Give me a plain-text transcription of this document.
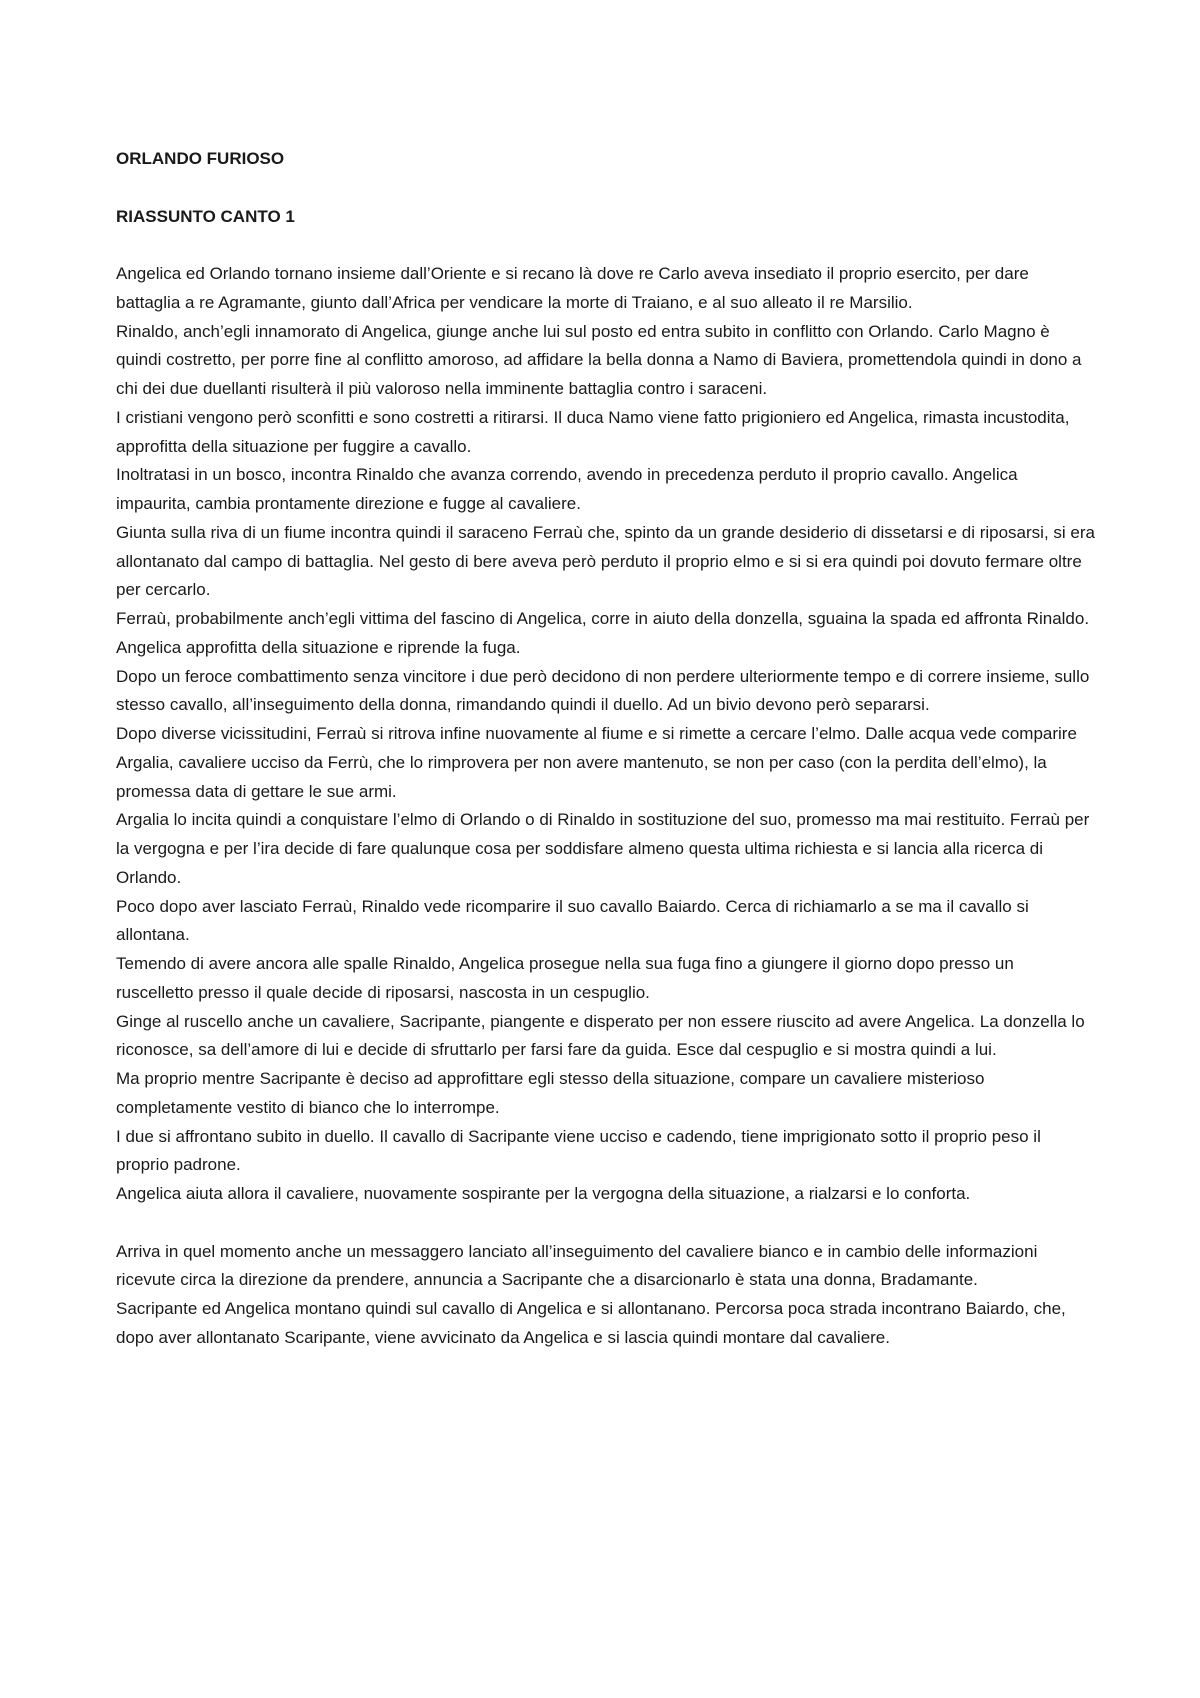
ORLANDO FURIOSO
RIASSUNTO CANTO 1

Angelica ed Orlando tornano insieme dall’Oriente e si recano là dove re Carlo aveva insediato il proprio esercito, per dare battaglia a re Agramante, giunto dall’Africa per vendicare la morte di Traiano, e al suo alleato il re Marsilio.

Rinaldo, anch’egli innamorato di Angelica, giunge anche lui sul posto ed entra subito in conflitto con Orlando. Carlo Magno è quindi costretto, per porre fine al conflitto amoroso, ad affidare la bella donna a Namo di Baviera, promettendola quindi in dono a chi dei due duellanti risulterà il più valoroso nella imminente battaglia contro i saraceni.

I cristiani vengono però sconfitti e sono costretti a ritirarsi. Il duca Namo viene fatto prigioniero ed Angelica, rimasta incustodita, approfitta della situazione per fuggire a cavallo.

Inoltratasi in un bosco, incontra Rinaldo che avanza correndo, avendo in precedenza perduto il proprio cavallo. Angelica impaurita, cambia prontamente direzione e fugge al cavaliere.

Giunta sulla riva di un fiume incontra quindi il saraceno Ferraù che, spinto da un grande desiderio di dissetarsi e di riposarsi, si era allontanato dal campo di battaglia. Nel gesto di bere aveva però perduto il proprio elmo e si si era quindi poi dovuto fermare oltre per cercarlo.

Ferraù, probabilmente anch’egli vittima del fascino di Angelica, corre in aiuto della donzella, sguaina la spada ed affronta Rinaldo. Angelica approfitta della situazione e riprende la fuga.

Dopo un feroce combattimento senza vincitore i due però decidono di non perdere ulteriormente tempo e di correre insieme, sullo stesso cavallo, all’inseguimento della donna, rimandando quindi il duello. Ad un bivio devono però separarsi.

Dopo diverse vicissitudini, Ferraù si ritrova infine nuovamente al fiume e si rimette a cercare l’elmo. Dalle acqua vede comparire Argalia, cavaliere ucciso da Ferrù, che lo rimprovera per non avere mantenuto, se non per caso (con la perdita dell’elmo), la promessa data di gettare le sue armi.

Argalia lo incita quindi a conquistare l’elmo di Orlando o di Rinaldo in sostituzione del suo, promesso ma mai restituito. Ferraù per la vergogna e per l’ira decide di fare qualunque cosa per soddisfare almeno questa ultima richiesta e si lancia alla ricerca di Orlando.

Poco dopo aver lasciato Ferraù, Rinaldo vede ricomparire il suo cavallo Baiardo. Cerca di richiamarlo a se ma il cavallo si allontana.

Temendo di avere ancora alle spalle Rinaldo, Angelica prosegue nella sua fuga fino a giungere il giorno dopo presso un ruscelletto presso il quale decide di riposarsi, nascosta in un cespuglio.

Ginge al ruscello anche un cavaliere, Sacripante, piangente e disperato per non essere riuscito ad avere Angelica. La donzella lo riconosce, sa dell’amore di lui e decide di sfruttarlo per farsi fare da guida. Esce dal cespuglio e si mostra quindi a lui.

Ma proprio mentre Sacripante è deciso ad approfittare egli stesso della situazione, compare un cavaliere misterioso completamente vestito di bianco che lo interrompe.

I due si affrontano subito in duello. Il cavallo di Sacripante viene ucciso e cadendo, tiene imprigionato sotto il proprio peso il proprio padrone.

Angelica aiuta allora il cavaliere, nuovamente sospirante per la vergogna della situazione, a rialzarsi e lo conforta.

Arriva in quel momento anche un messaggero lanciato all’inseguimento del cavaliere bianco e in cambio delle informazioni ricevute circa la direzione da prendere, annuncia a Sacripante che a disarcionarlo è stata una donna, Bradamante.

Sacripante ed Angelica montano quindi sul cavallo di Angelica e si allontanano. Percorsa poca strada incontrano Baiardo, che, dopo aver allontanato Scaripante, viene avvicinato da Angelica e si lascia quindi montare dal cavaliere.
